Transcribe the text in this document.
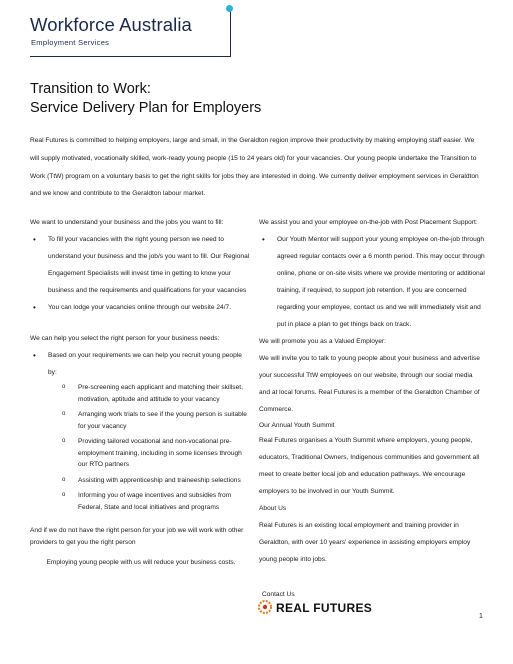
Workforce Australia
Employment Services
Transition to Work:
Service Delivery Plan for Employers

Real Futures is committed to helping employers, large and small, in the Geraldton region improve their productivity by making employing staff easier. We will supply motivated, vocationally skilled, work-ready young people (15 to 24 years old) for your vacancies. Our young people undertake the Transition to Work (TtW) program on a voluntary basis to get the right skills for jobs they are interested in doing. We currently deliver employment services in Geraldton and we know and contribute to the Geraldton labour market.

We want to understand your business and the jobs you want to fill:

• To fill your vacancies with the right young person we need to understand your business and the job/s you want to fill. Our Regional Engagement Specialists will invest time in getting to know your business and the requirements and qualifications for your vacancies
• You can lodge your vacancies online through our website 24/7.

We can help you select the right person for your business needs:

• Based on your requirements we can help you recruit young people by:
o Pre-screening each applicant and matching their skillset, motivation, aptitude and attitude to your vacancy
o Arranging work trials to see if the young person is suitable for your vacancy
o Providing tailored vocational and non-vocational pre-employment training, including in some licenses through our RTO partners
o Assisting with apprenticeship and traineeship selections
o Informing you of wage incentives and subsidies from Federal, State and local initiatives and programs

And if we do not have the right person for your job we will work with other providers to get you the right person

Employing young people with us will reduce your business costs.

We assist you and your employee on-the-job with Post Placement Support:

• Our Youth Mentor will support your young employee on-the-job through agreed regular contacts over a 6 month period. This may occur through online, phone or on-site visits where we provide mentoring or additional training, if required, to support job retention. If you are concerned regarding your employee, contact us and we will immediately visit and put in place a plan to get things back on track.

We will promote you as a Valued Employer:

We will invite you to talk to young people about your business and advertise your successful TtW employees on our website, through our social media and at local forums. Real Futures is a member of the Geraldton Chamber of Commerce.

Our Annual Youth Summit

Real Futures organises a Youth Summit where employers, young people, educators, Traditional Owners, Indigenous communities and government all meet to create better local job and education pathways. We encourage employers to be involved in our Youth Summit.

About Us

Real Futures is an existing local employment and training provider in Geraldton, with over 10 years' experience in assisting employers employ young people into jobs.

Contact Us
REAL FUTURES
1
